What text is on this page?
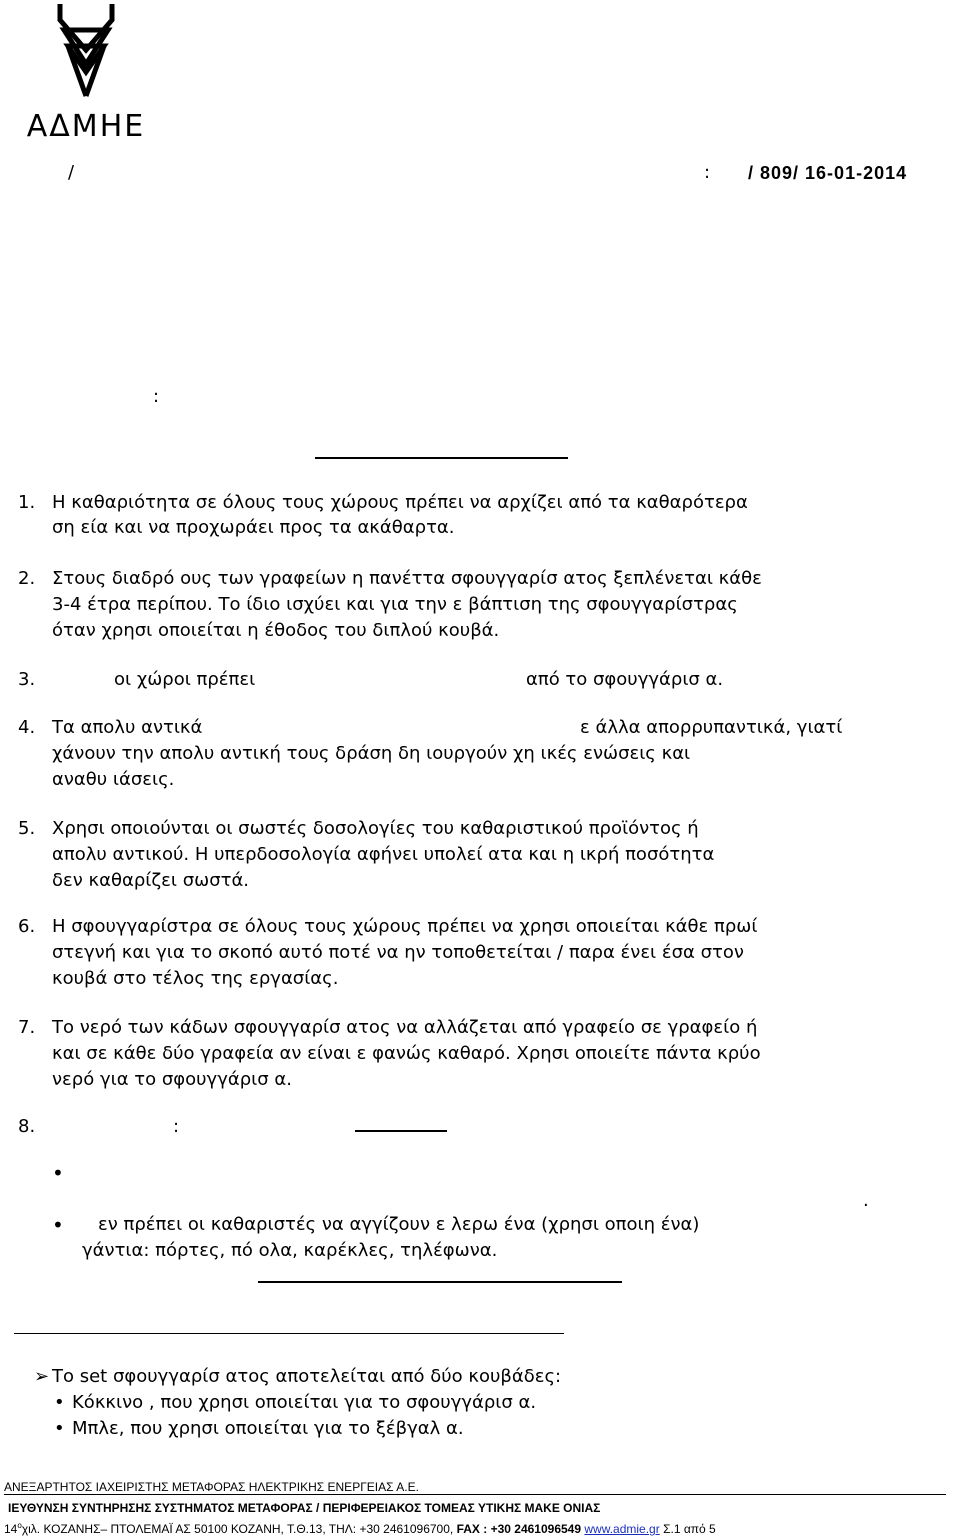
ΑΔΜΗΕ
/	: / 809/ 16-01-2014
:
1. Η καθαριότητα σε όλους τους χώρους πρέπει να αρχίζει από τα καθαρότερα
ση εία και να προχωράει προς τα ακάθαρτα.
2. Στους διαδρό ους των γραφείων η πανέττα σφουγγαρίσ ατος ξεπλένεται κάθε
3-4 έτρα περίπου. Το ίδιο ισχύει και για την ε βάπτιση της σφουγγαρίστρας
όταν χρησι οποιείται η έθοδος του διπλού κουβά.
3.	οι χώροι πρέπει	από το σφουγγάρισ α.
4. Τα απολυ αντικά	ε άλλα απορρυπαντικά, γιατί
χάνουν την απολυ αντική τους δράση δη ιουργούν χη ικές ενώσεις και
αναθυ ιάσεις.
5. Χρησι οποιούνται οι σωστές δοσολογίες του καθαριστικού προϊόντος ή
απολυ αντικού. Η υπερδοσολογία αφήνει υπολεί ατα και η ικρή ποσότητα
δεν καθαρίζει σωστά.
6. Η σφουγγαρίστρα σε όλους τους χώρους πρέπει να χρησι οποιείται κάθε πρωί
στεγνή και για το σκοπό αυτό ποτέ να ην τοποθετείται / παρα ένει έσα στον
κουβά στο τέλος της εργασίας.
7. Το νερό των κάδων σφουγγαρίσ ατος να αλλάζεται από γραφείο σε γραφείο ή
και σε κάθε δύο γραφεία αν είναι ε φανώς καθαρό. Χρησι οποιείτε πάντα κρύο
νερό για το σφουγγάρισ α.
8.	:
•
.
• εν πρέπει οι καθαριστές να αγγίζουν ε λερω ένα (χρησι οποιη ένα)
γάντια: πόρτες, πό ολα, καρέκλες, τηλέφωνα.
➢ Το set σφουγγαρίσ ατος αποτελείται από δύο κουβάδες:
• Κόκκινο , που χρησι οποιείται για το σφουγγάρισ α.
• Μπλε, που χρησι οποιείται για το ξέβγαλ α.
ΑΝΕΞΑΡΤΗΤΟΣ ΙΑΧΕΙΡΙΣΤΗΣ ΜΕΤΑΦΟΡΑΣ ΗΛΕΚΤΡΙΚΗΣ ΕΝΕΡΓΕΙΑΣ Α.Ε.
ΙΕΥΘΥΝΣΗ ΣΥΝΤΗΡΗΣΗΣ ΣΥΣΤΗΜΑΤΟΣ ΜΕΤΑΦΟΡΑΣ / ΠΕΡΙΦΕΡΕΙΑΚΟΣ ΤΟΜΕΑΣ ΥΤΙΚΗΣ ΜΑΚΕ ΟΝΙΑΣ
$14^o\chi\iota\lambda$. ΚΟΖΑΝΗΣ– ΠΤΟΛΕΜΑΪ ΑΣ 50100 ΚΟΖΑΝΗ, Τ.Θ.13, ΤΗΛ: +30 2461096700, FAX : +30 2461096549 www.admie.gr Σ.1 από 5
